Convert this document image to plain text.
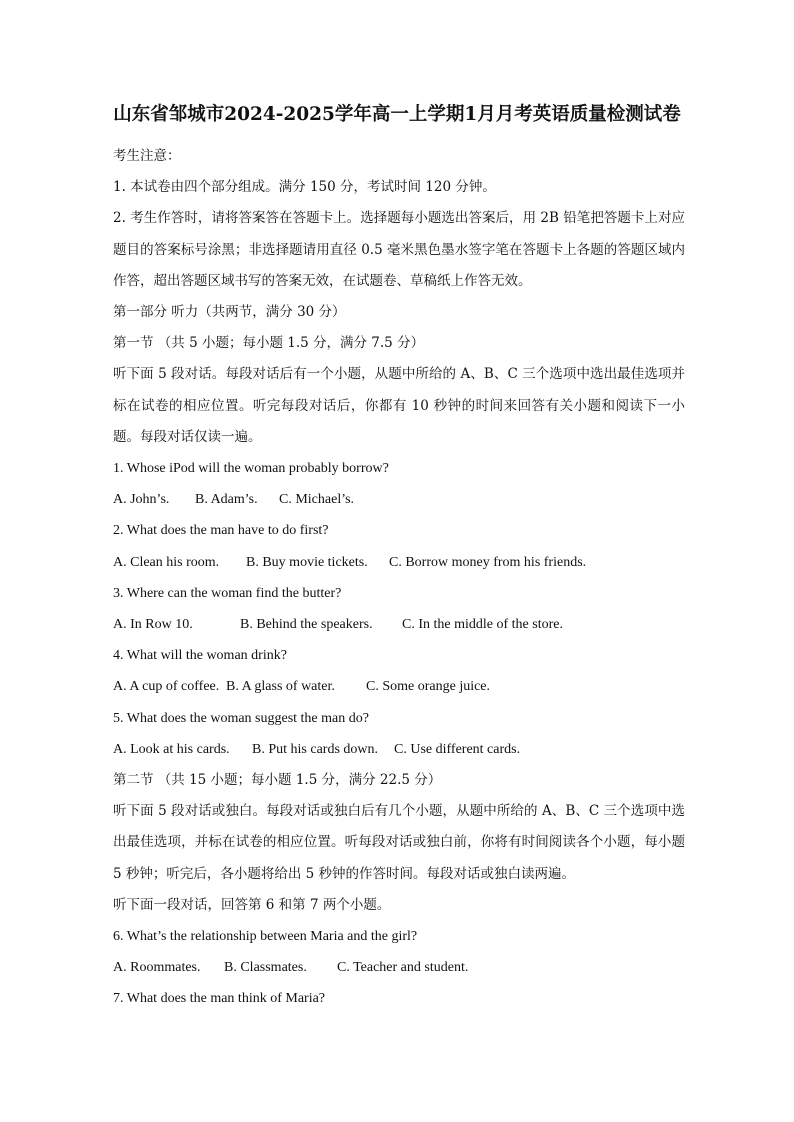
山东省邹城市2024-2025学年高一上学期1月月考英语质量检测试卷

考生注意：

1. 本试卷由四个部分组成。满分 150 分，考试时间 120 分钟。

2. 考生作答时，请将答案答在答题卡上。选择题每小题选出答案后，用 2B 铅笔把答题卡上对应题目的答案标号涂黑；非选择题请用直径 0.5 毫米黑色墨水签字笔在答题卡上各题的答题区域内作答，超出答题区域书写的答案无效，在试题卷、草稿纸上作答无效。

第一部分 听力（共两节，满分 30 分）

第一节 （共 5 小题；每小题 1.5 分，满分 7.5 分）

听下面 5 段对话。每段对话后有一个小题，从题中所给的 A、B、C 三个选项中选出最佳选项并标在试卷的相应位置。听完每段对话后，你都有 10 秒钟的时间来回答有关小题和阅读下一小题。每段对话仅读一遍。

1. Whose iPod will the woman probably borrow?

A. John’s. B. Adam’s. C. Michael’s.

2. What does the man have to do first?

A. Clean his room. B. Buy movie tickets. C. Borrow money from his friends.

3. Where can the woman find the butter?

A. In Row 10.	B. Behind the speakers. C. In the middle of the store.

4. What will the woman drink?

A. A cup of coffee. B. A glass of water. C. Some orange juice.

5. What does the woman suggest the man do?

A. Look at his cards. B. Put his cards down. C. Use different cards.

第二节 （共 15 小题；每小题 1.5 分，满分 22.5 分）

听下面 5 段对话或独白。每段对话或独白后有几个小题，从题中所给的 A、B、C 三个选项中选出最佳选项，并标在试卷的相应位置。听每段对话或独白前，你将有时间阅读各个小题，每小题 5 秒钟；听完后，各小题将给出 5 秒钟的作答时间。每段对话或独白读两遍。

听下面一段对话，回答第 6 和第 7 两个小题。

6. What’s the relationship between Maria and the girl?

A. Roommates. B. Classmates. C. Teacher and student.

7. What does the man think of Maria?
